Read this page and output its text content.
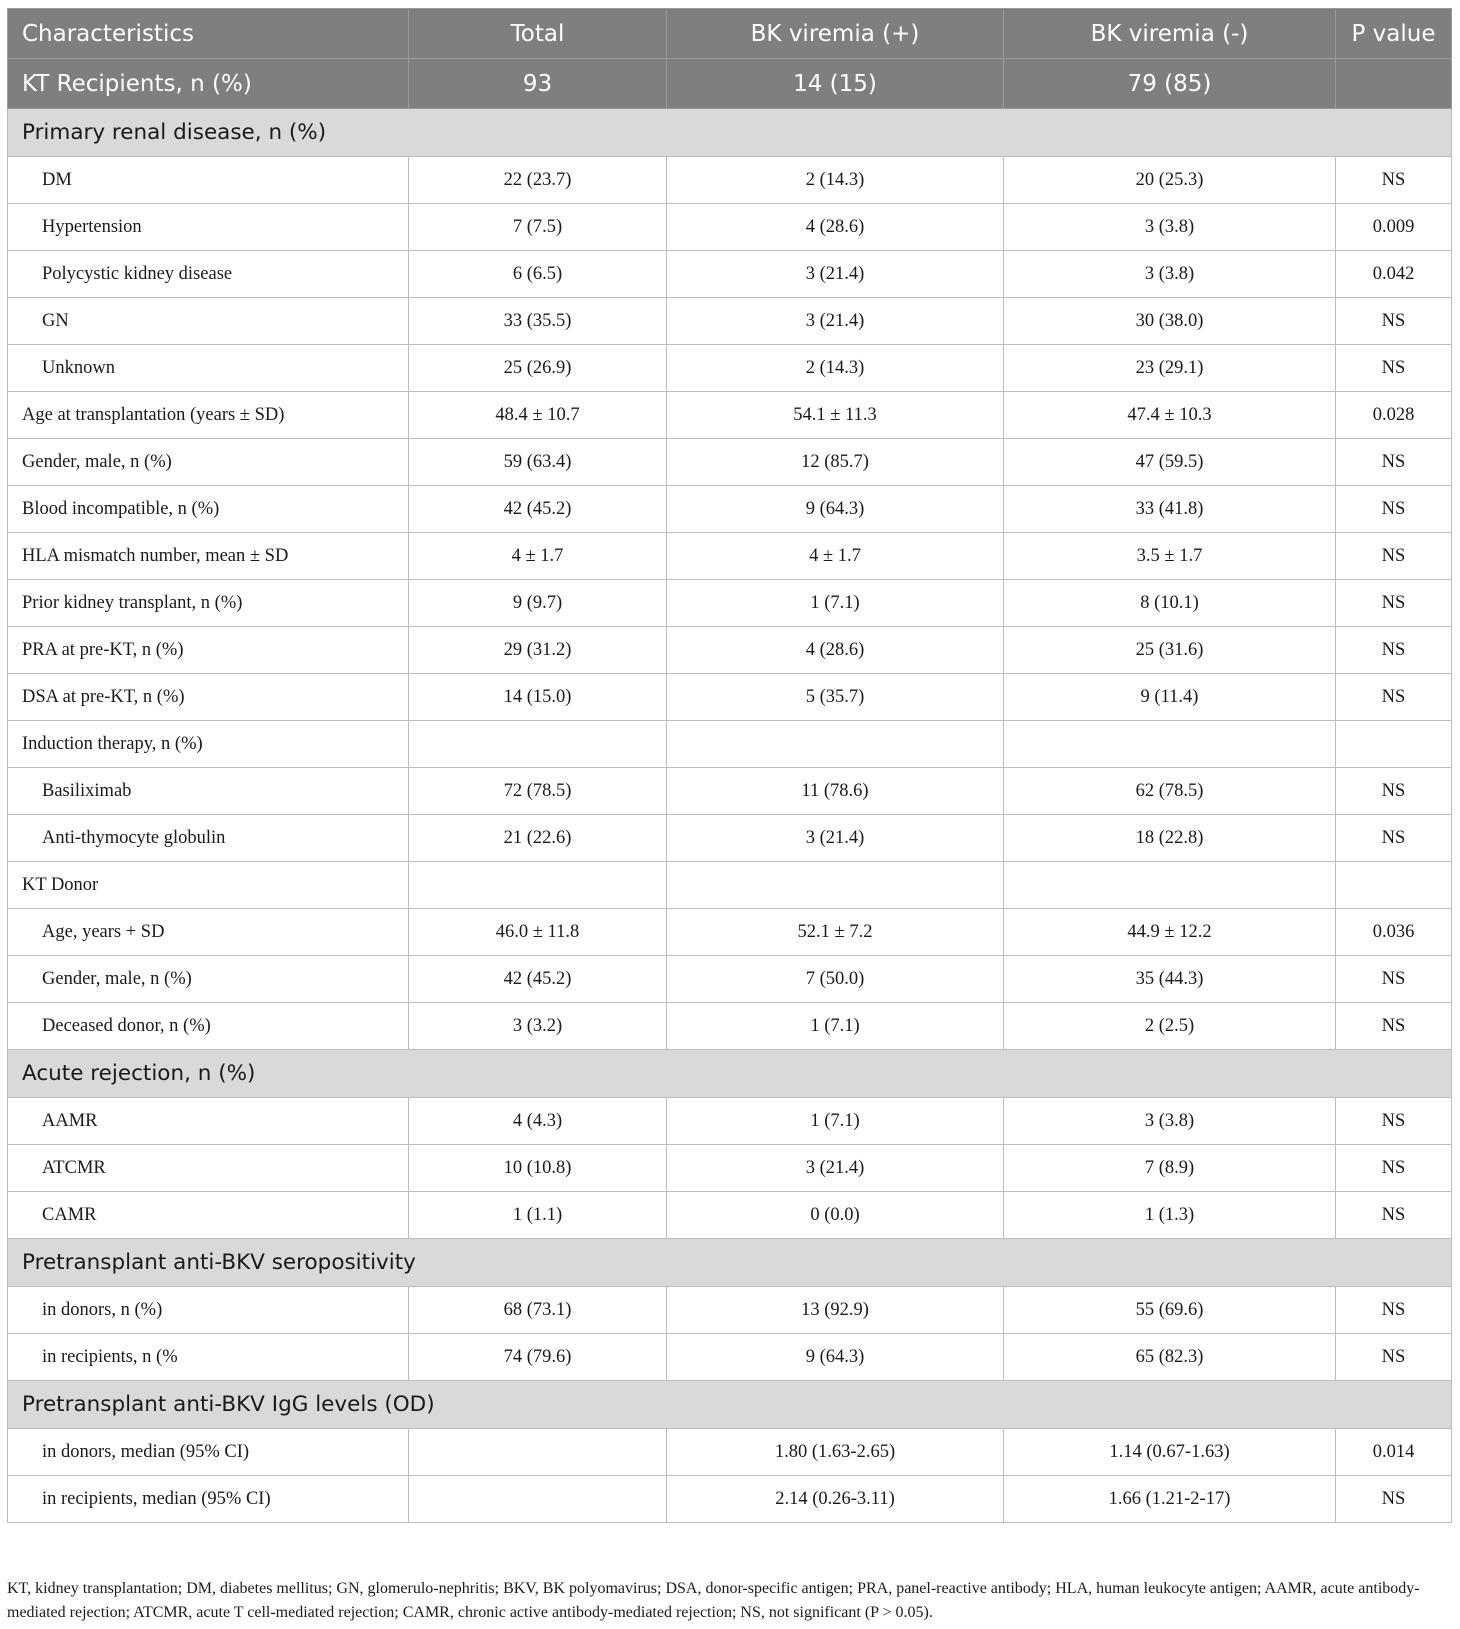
Characteristics	Total	BK viremia (+)	BK viremia (-)	P value
KT Recipients, n (%)	93	14 (15)	79 (85)	
Primary renal disease, n (%)				
DM	22 (23.7)	2 (14.3)	20 (25.3)	NS
Hypertension	7 (7.5)	4 (28.6)	3 (3.8)	0.009
Polycystic kidney disease	6 (6.5)	3 (21.4)	3 (3.8)	0.042
GN	33 (35.5)	3 (21.4)	30 (38.0)	NS
Unknown	25 (26.9)	2 (14.3)	23 (29.1)	NS
Age at transplantation (years ± SD)	48.4 ± 10.7	54.1 ± 11.3	47.4 ± 10.3	0.028
Gender, male, n (%)	59 (63.4)	12 (85.7)	47 (59.5)	NS
Blood incompatible, n (%)	42 (45.2)	9 (64.3)	33 (41.8)	NS
HLA mismatch number, mean ± SD	4 ± 1.7	4 ± 1.7	3.5 ± 1.7	NS
Prior kidney transplant, n (%)	9 (9.7)	1 (7.1)	8 (10.1)	NS
PRA at pre-KT, n (%)	29 (31.2)	4 (28.6)	25 (31.6)	NS
DSA at pre-KT, n (%)	14 (15.0)	5 (35.7)	9 (11.4)	NS
Induction therapy, n (%)				
Basiliximab	72 (78.5)	11 (78.6)	62 (78.5)	NS
Anti-thymocyte globulin	21 (22.6)	3 (21.4)	18 (22.8)	NS
KT Donor				
Age, years + SD	46.0 ± 11.8	52.1 ± 7.2	44.9 ± 12.2	0.036
Gender, male, n (%)	42 (45.2)	7 (50.0)	35 (44.3)	NS
Deceased donor, n (%)	3 (3.2)	1 (7.1)	2 (2.5)	NS
Acute rejection, n (%)				
AAMR	4 (4.3)	1 (7.1)	3 (3.8)	NS
ATCMR	10 (10.8)	3 (21.4)	7 (8.9)	NS
CAMR	1 (1.1)	0 (0.0)	1 (1.3)	NS
Pretransplant anti-BKV seropositivity				
in donors, n (%)	68 (73.1)	13 (92.9)	55 (69.6)	NS
in recipients, n (%	74 (79.6)	9 (64.3)	65 (82.3)	NS
Pretransplant anti-BKV IgG levels (OD)				
in donors, median (95% CI)		1.80 (1.63-2.65)	1.14 (0.67-1.63)	0.014
in recipients, median (95% CI)		2.14 (0.26-3.11)	1.66 (1.21-2-17)	NS
KT, kidney transplantation; DM, diabetes mellitus; GN, glomerulo-nephritis; BKV, BK polyomavirus; DSA, donor-specific antigen; PRA, panel-reactive antibody; HLA, human leukocyte antigen; AAMR, acute antibody-mediated rejection; ATCMR, acute T cell-mediated rejection; CAMR, chronic active antibody-mediated rejection; NS, not significant (P > 0.05).
